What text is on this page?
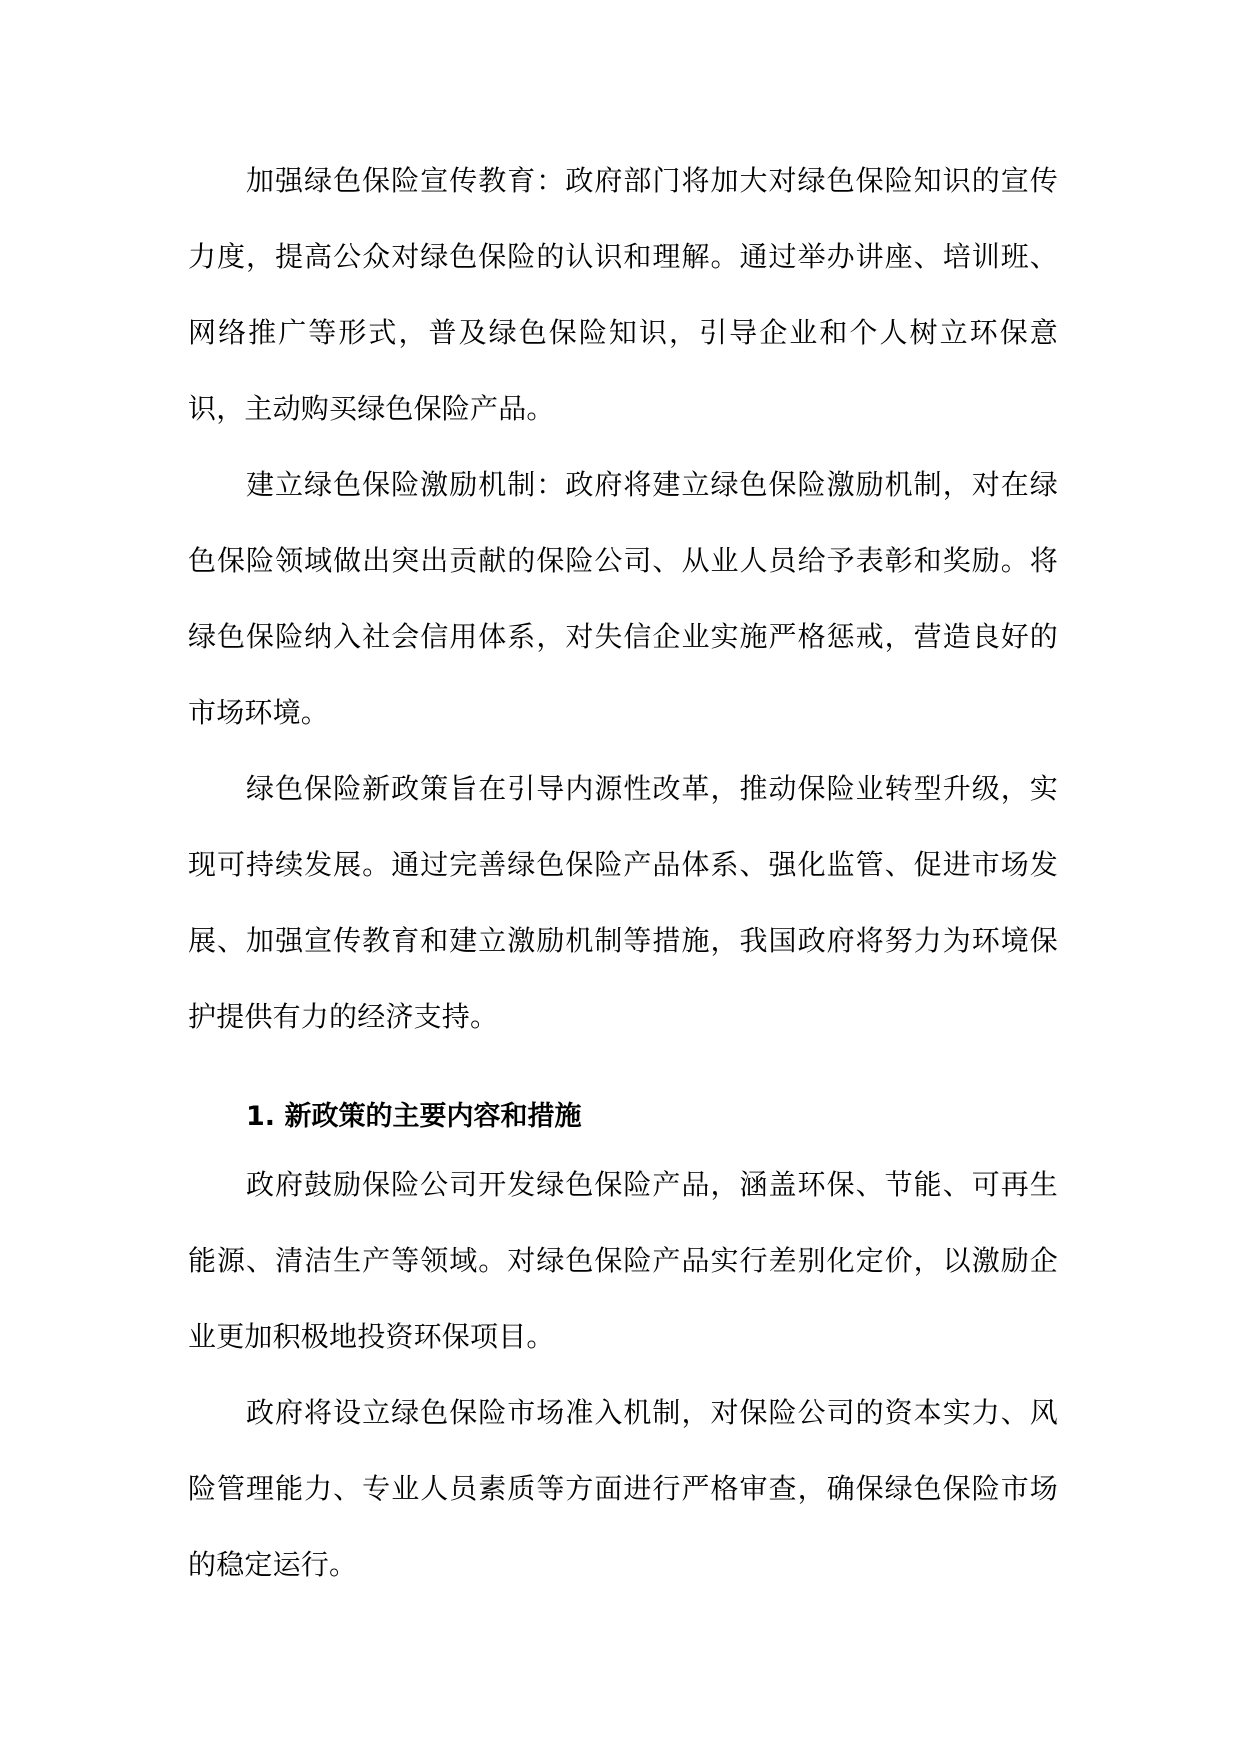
加强绿色保险宣传教育：政府部门将加大对绿色保险知识的宣传力度，提高公众对绿色保险的认识和理解。通过举办讲座、培训班、网络推广等形式，普及绿色保险知识，引导企业和个人树立环保意识，主动购买绿色保险产品。

建立绿色保险激励机制：政府将建立绿色保险激励机制，对在绿色保险领域做出突出贡献的保险公司、从业人员给予表彰和奖励。将绿色保险纳入社会信用体系，对失信企业实施严格惩戒，营造良好的市场环境。

绿色保险新政策旨在引导内源性改革，推动保险业转型升级，实现可持续发展。通过完善绿色保险产品体系、强化监管、促进市场发展、加强宣传教育和建立激励机制等措施，我国政府将努力为环境保护提供有力的经济支持。

1. 新政策的主要内容和措施

政府鼓励保险公司开发绿色保险产品，涵盖环保、节能、可再生能源、清洁生产等领域。对绿色保险产品实行差别化定价，以激励企业更加积极地投资环保项目。

政府将设立绿色保险市场准入机制，对保险公司的资本实力、风险管理能力、专业人员素质等方面进行严格审查，确保绿色保险市场的稳定运行。
